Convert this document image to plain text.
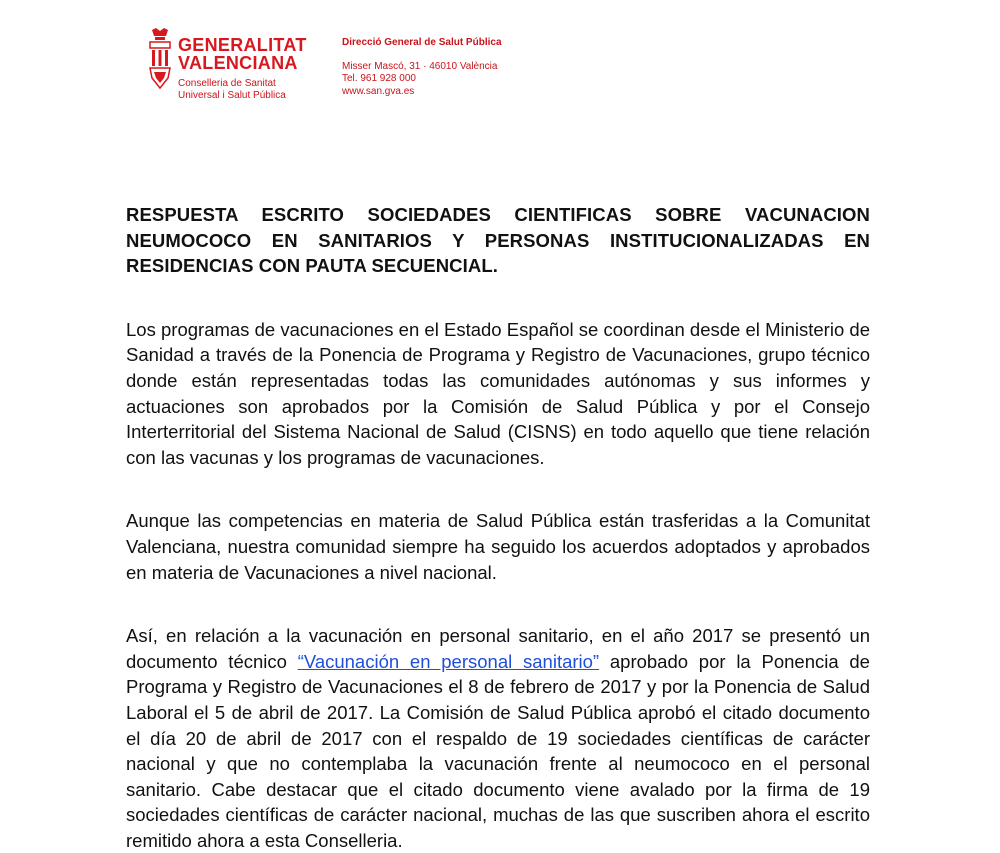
GENERALITAT
VALENCIANA
Conselleria de Sanitat
Universal i Salut Pública
Direcció General de Salut Pública
Misser Mascó, 31 · 46010 València
Tel. 961 928 000
www.san.gva.es

RESPUESTA ESCRITO SOCIEDADES CIENTIFICAS SOBRE VACUNACION NEUMOCOCO EN SANITARIOS Y PERSONAS INSTITUCIONALIZADAS EN RESIDENCIAS CON PAUTA SECUENCIAL.

Los programas de vacunaciones en el Estado Español se coordinan desde el Ministerio de Sanidad a través de la Ponencia de Programa y Registro de Vacunaciones, grupo técnico donde están representadas todas las comunidades autónomas y sus informes y actuaciones son aprobados por la Comisión de Salud Pública y por el Consejo Interterritorial del Sistema Nacional de Salud (CISNS) en todo aquello que tiene relación con las vacunas y los programas de vacunaciones.

Aunque las competencias en materia de Salud Pública están trasferidas a la Comunitat Valenciana, nuestra comunidad siempre ha seguido los acuerdos adoptados y aprobados en materia de Vacunaciones a nivel nacional.

Así, en relación a la vacunación en personal sanitario, en el año 2017 se presentó un documento técnico “Vacunación en personal sanitario” aprobado por la Ponencia de Programa y Registro de Vacunaciones el 8 de febrero de 2017 y por la Ponencia de Salud Laboral el 5 de abril de 2017. La Comisión de Salud Pública aprobó el citado documento el día 20 de abril de 2017 con el respaldo de 19 sociedades científicas de carácter nacional y que no contemplaba la vacunación frente al neumococo en el personal sanitario. Cabe destacar que el citado documento viene avalado por la firma de 19 sociedades científicas de carácter nacional, muchas de las que suscriben ahora el escrito remitido ahora a esta Conselleria.
